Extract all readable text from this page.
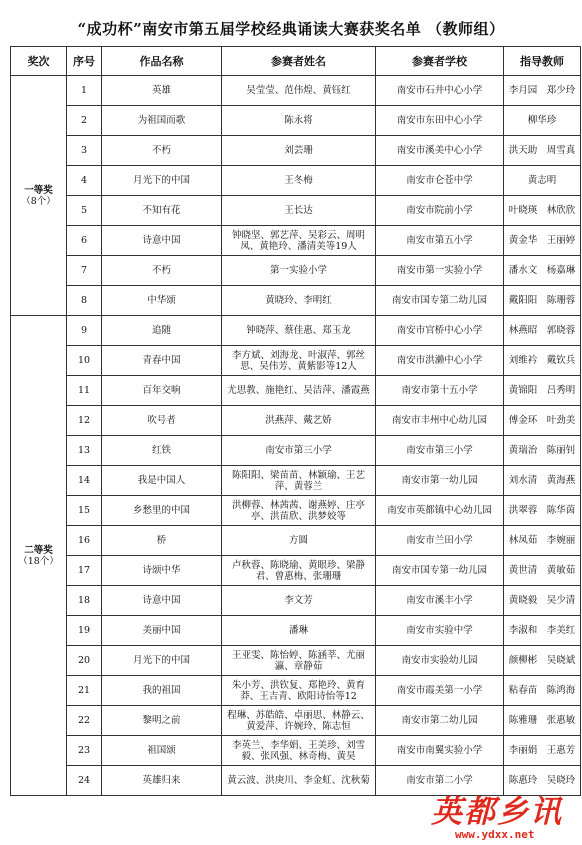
“成功杯”南安市第五届学校经典诵读大赛获奖名单 （教师组）
奖次	序号	作品名称	参赛者姓名	参赛者学校	指导教师
一等奖
（8个）	1	英雄	吴莹莹、范伟煌、黄钰红	南安市石井中心小学	李月园　郑少玲
	2	为祖国而歌	陈永将	南安市东田中心小学	柳华珍
	3	不朽	刘芸珊	南安市溪美中心小学	洪天助　周雪真
	4	月光下的中国	王冬梅	南安市仑苍中学	黄志明
	5	不知有花	王长达	南安市院前小学	叶晓瑛　林欣欣
	6	诗意中国	钟晓坚、郭艺萍、吴彩云、周明凤、黄艳玲、潘清美等19人	南安市第五小学	黄金华　王丽婷
	7	不朽	第一实验小学	南安市第一实验小学	潘水文　杨嘉琳
	8	中华颂	黄晓玲、李明红	南安市国专第二幼儿园	戴阳阳　陈珊蓉
二等奖
（18个）	9	追随	钟晓萍、蔡佳惠、郑玉龙	南安市官桥中心小学	林燕昭　郭晓蓉
	10	青春中国	李方斌、刘海龙、叶淑萍、郭丝思、吴伟芳、黄紫影等12人	南安市洪濑中心小学	刘维衿　戴钦兵
	11	百年交响	尤思教、施艳红、吴洁萍、潘霞燕	南安市第十五小学	黄锦阳　吕秀明
	12	吹号者	洪燕萍、戴艺娇	南安市丰州中心幼儿园	傅金环　叶劲美
	13	红铁	南安市第三小学	南安市第三小学	黄瑞治　陈丽钊
	14	我是中国人	陈阳阳、梁苗苗、林颖瑜、王艺萍、黄蓉兰	南安市第一幼儿园	刘水清　黄海燕
	15	乡愁里的中国	洪柳蓉、林茜茜、谢燕婷、庄亭亭、洪苗欣、洪梦姣等	南安市英都镇中心幼儿园	洪翠蓉　陈华茵
	16	桥	方圆	南安市兰田小学	林凤茹　李婉丽
	17	诗颂中华	卢秋蓉、陈晓瑜、黄眼珍、梁静君、曾惠梅、张珊珊	南安市国专第一幼儿园	黄世清　黄敏茹
	18	诗意中国	李文芳	南安市溪丰小学	黄晓毅　吴少清
	19	美丽中国	潘琳	南安市实验中学	李淑和　李美红
	20	月光下的中国	王亚雯、陈怡婷、陈涵莘、尤丽瀛、章静茹	南安市实验幼儿园	颜柳彬　吴晓斌
	21	我的祖国	朱小芳、洪钦复、郑艳玲、黄育莽、王吉青、欧阳诗怡等12	南安市霞美第一小学	粘春苗　陈鸿海
	22	黎明之前	程琳、苏皓皓、卓丽思、林静云、黄爱萍、许婉玲、陈志恒	南安市第二幼儿园	陈雅珊　张惠敏
	23	祖国颂	李英兰、李华娟、王美珍、刘雪毅、张风强、林奇梅、黄昊	南安市南翼实验小学	李丽娟　王惠芳
	24	英雄归来	黄云波、洪庚川、李金虹、沈秋菊	南安市第二小学	陈惠玲　吴晓玲
英都乡讯
www.ydxx.net
